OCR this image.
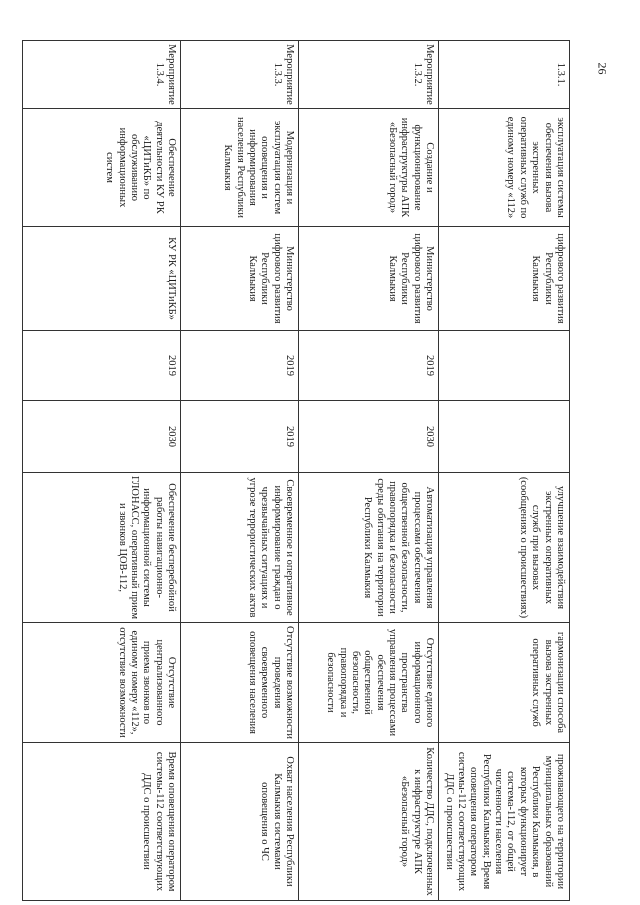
26
1.3.1.	эксплуатация системы обеспечения вызова экстренных оперативных служб по единому номеру «112»	цифрового развития Республики Калмыкия			улучшение взаимодействия экстренных оперативных служб при вызовах (сообщениях о происшествиях)	гармонизации способа вызова экстренных оперативных служб	проживающего на территории муниципальных образований Республики Калмыкия, в которых функционирует система-112, от общей численности населения Республики Калмыкия; Время оповещения оператором системы-112 соответствующих ДДС о происшествии
Мероприятие 1.3.2.	Создание и функционирование инфраструктуры АПК «Безопасный город»	Министерство цифрового развития Республики Калмыкия	2019	2030	Автоматизация управления процессами обеспечения общественной безопасности, правопорядка и безопасности среды обитания на территории Республики Калмыкия	Отсутствие единого информационного пространства управления процессами обеспечения общественной безопасности, правопорядка и безопасности	Количество ДДС, подключенных к инфраструктуре АПК «Безопасный город»
Мероприятие 1.3.3.	Модернизация и эксплуатация систем оповещения и информирования населения Республики Калмыкия	Министерство цифрового развития Республики Калмыкия	2019	2019	Своевременное и оперативное информирование граждан о чрезвычайных ситуациях и угрозе террористических актов	Отсутствие возможности проведения своевременного оповещения населения	Охват населения Республики Калмыкия системами оповещения о ЧС
Мероприятие 1.3.4.	Обеспечение деятельности КУ РК «ЦИТиКБ» по обслуживанию информационных систем	КУ РК «ЦИТиКБ»	2019	2030	Обеспечение бесперебойной работы навигационно-информационной системы ГЛОНАСС, оперативный прием и звонков ЦОВ-112,	Отсутствие централизованного приема звонков по единому номеру «112», отсутствие возможности	Время оповещения оператором системы-112 соответствующих ДДС о происшествии
